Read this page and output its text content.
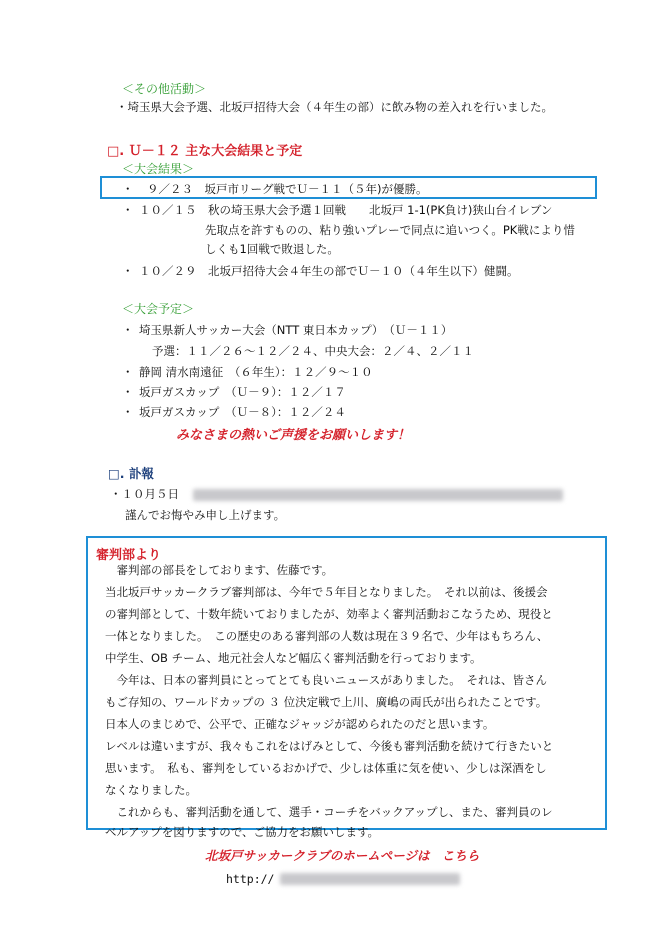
＜その他活動＞
・埼玉県大会予選、北坂戸招待大会（４年生の部）に飲み物の差入れを行いました。
□. Ｕ－１２ 主な大会結果と予定
＜大会結果＞
・ ９／２３　坂戸市リーグ戦でＵ－１１（５年)が優勝。
・ １０／１５　秋の埼玉県大会予選１回戦　　北坂戸 1-1(PK負け)狭山台イレブン
先取点を許すものの、粘り強いプレーで同点に追いつく。PK戦により惜
しくも1回戦で敗退した。
・ １０／２９　北坂戸招待大会４年生の部でＵ－１０（４年生以下）健闘。
＜大会予定＞
・ 埼玉県新人サッカー大会（NTT 東日本カップ）　（Ｕ－１１）
予選：１１／２６～１２／２４、中央大会：２／４、２／１１
・ 静岡 清水南遠征　（６年生）：１２／９～１０
・ 坂戸ガスカップ　（Ｕ－９）：１２／１７
・ 坂戸ガスカップ　（Ｕ－８）：１２／２４
みなさまの熱いご声援をお願いします！
□. 訃報
・１０月５日
謹んでお悔やみ申し上げます。
審判部より
　審判部の部長をしております、佐藤です。
当北坂戸サッカークラブ審判部は、今年で５年目となりました。　それ以前は、後援会
の審判部として、十数年続いておりましたが、効率よく審判活動おこなうため、現役と
一体となりました。　この歴史のある審判部の人数は現在３９名で、少年はもちろん、
中学生、OB チーム、地元社会人など幅広く審判活動を行っております。
　今年は、日本の審判員にとってとても良いニュースがありました。　それは、皆さん
もご存知の、ワールドカップの ３ 位決定戦で上川、廣嶋の両氏が出られたことです。
日本人のまじめで、公平で、正確なジャッジが認められたのだと思います。
レベルは違いますが、我々もこれをはげみとして、今後も審判活動を続けて行きたいと
思います。　私も、審判をしているおかげで、少しは体重に気を使い、少しは深酒をし
なくなりました。
　これからも、審判活動を通して、選手・コーチをバックアップし、また、審判員のレ
ベルアップを図りますので、ご協力をお願いします。
北坂戸サッカークラブのホームページは こちら
http://
